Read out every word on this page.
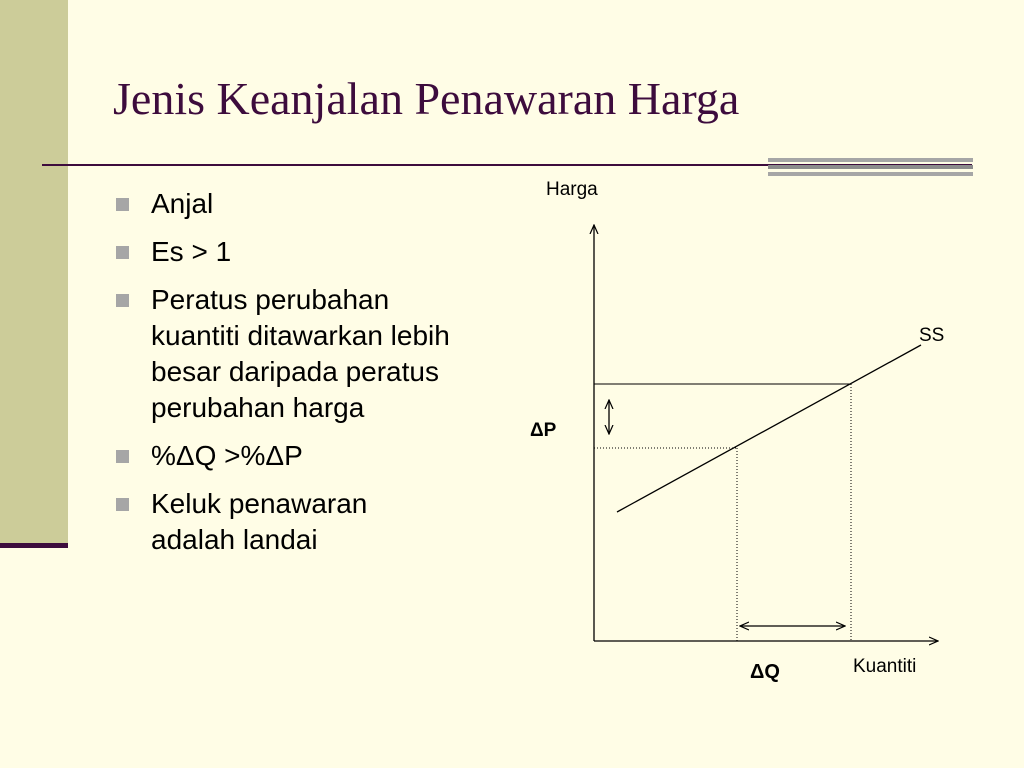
Jenis Keanjalan Penawaran Harga
Anjal
Es > 1
Peratus perubahan
kuantiti ditawarkan lebih
besar daripada peratus
perubahan harga
%ΔQ >%ΔP
Keluk penawaran
adalah landai
Harga
Kuantiti
SS
ΔP
ΔQ
